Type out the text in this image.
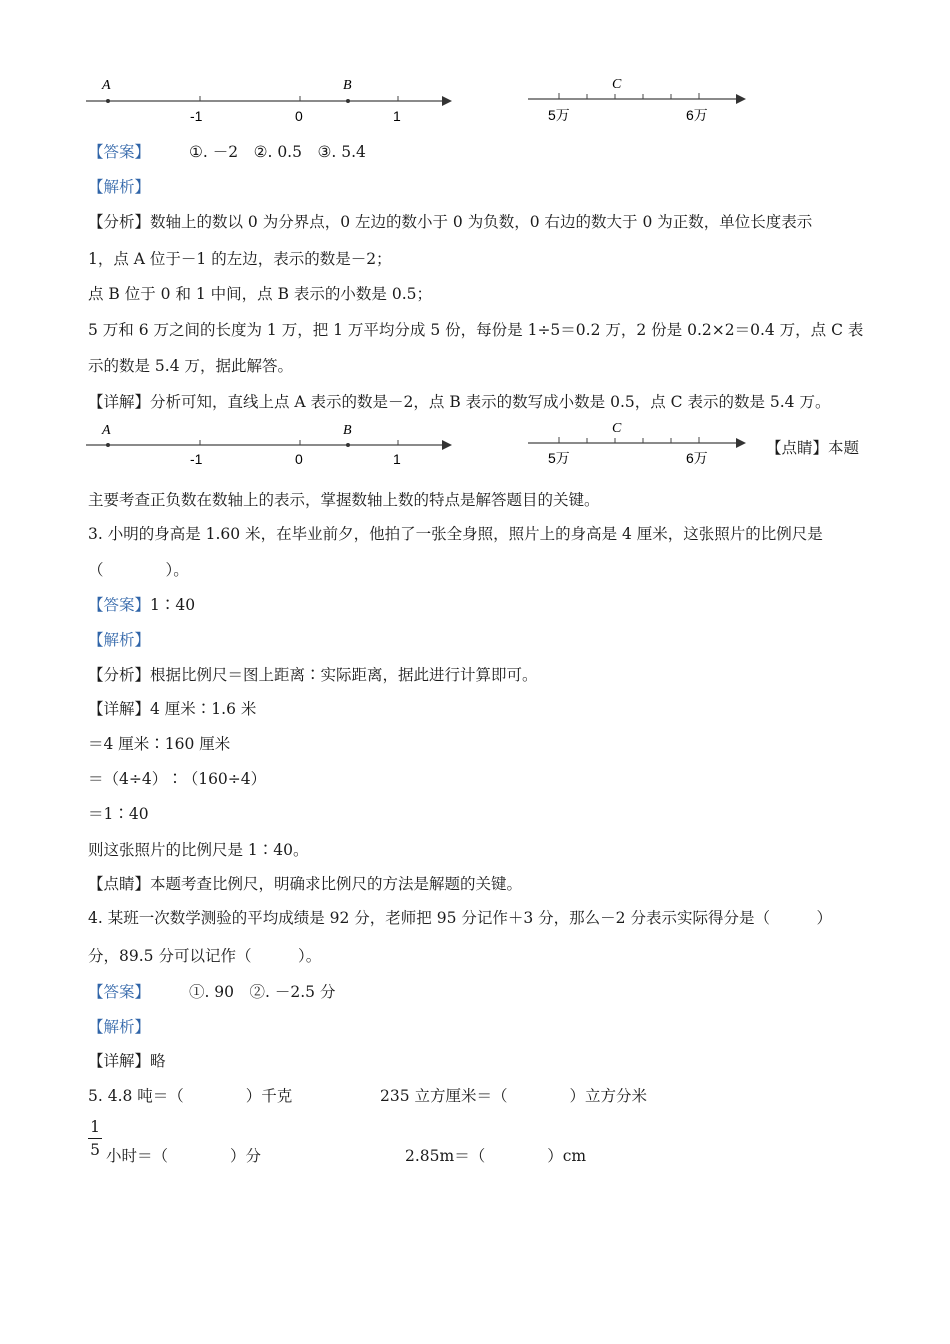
A	B
-1	0	1
C
5万	6万
【答案】	①. －2　②. 0.5　③. 5.4
【解析】
【分析】数轴上的数以 0 为分界点，0 左边的数小于 0 为负数，0 右边的数大于 0 为正数，单位长度表示
1，点 A 位于－1 的左边，表示的数是－2；
点 B 位于 0 和 1 中间，点 B 表示的小数是 0.5；
5 万和 6 万之间的长度为 1 万，把 1 万平均分成 5 份，每份是 1÷5＝0.2 万，2 份是 0.2×2＝0.4 万，点 C 表
示的数是 5.4 万，据此解答。
【详解】分析可知，直线上点 A 表示的数是－2，点 B 表示的数写成小数是 0.5，点 C 表示的数是 5.4 万。
A	B
-1	0	1
C
5万	6万
【点睛】本题
主要考查正负数在数轴上的表示，掌握数轴上数的特点是解答题目的关键。
3. 小明的身高是 1.60 米，在毕业前夕，他拍了一张全身照，照片上的身高是 4 厘米，这张照片的比例尺是
（　　　　）。
【答案】1∶40
【解析】
【分析】根据比例尺＝图上距离∶实际距离，据此进行计算即可。
【详解】4 厘米∶1.6 米
＝4 厘米∶160 厘米
＝（4÷4）∶（160÷4）
＝1∶40
则这张照片的比例尺是 1∶40。
【点睛】本题考查比例尺，明确求比例尺的方法是解题的关键。
4. 某班一次数学测验的平均成绩是 92 分，老师把 95 分记作＋3 分，那么－2 分表示实际得分是（　　　）
分，89.5 分可以记作（　　　）。
【答案】	①. 90　②. －2.5 分
【解析】
【详解】略
5. 4.8 吨＝（　　　　）千克	235 立方厘米＝（　　　　）立方分米
1
5 小时＝（　　　　）分	2.85m＝（　　　　）cm
